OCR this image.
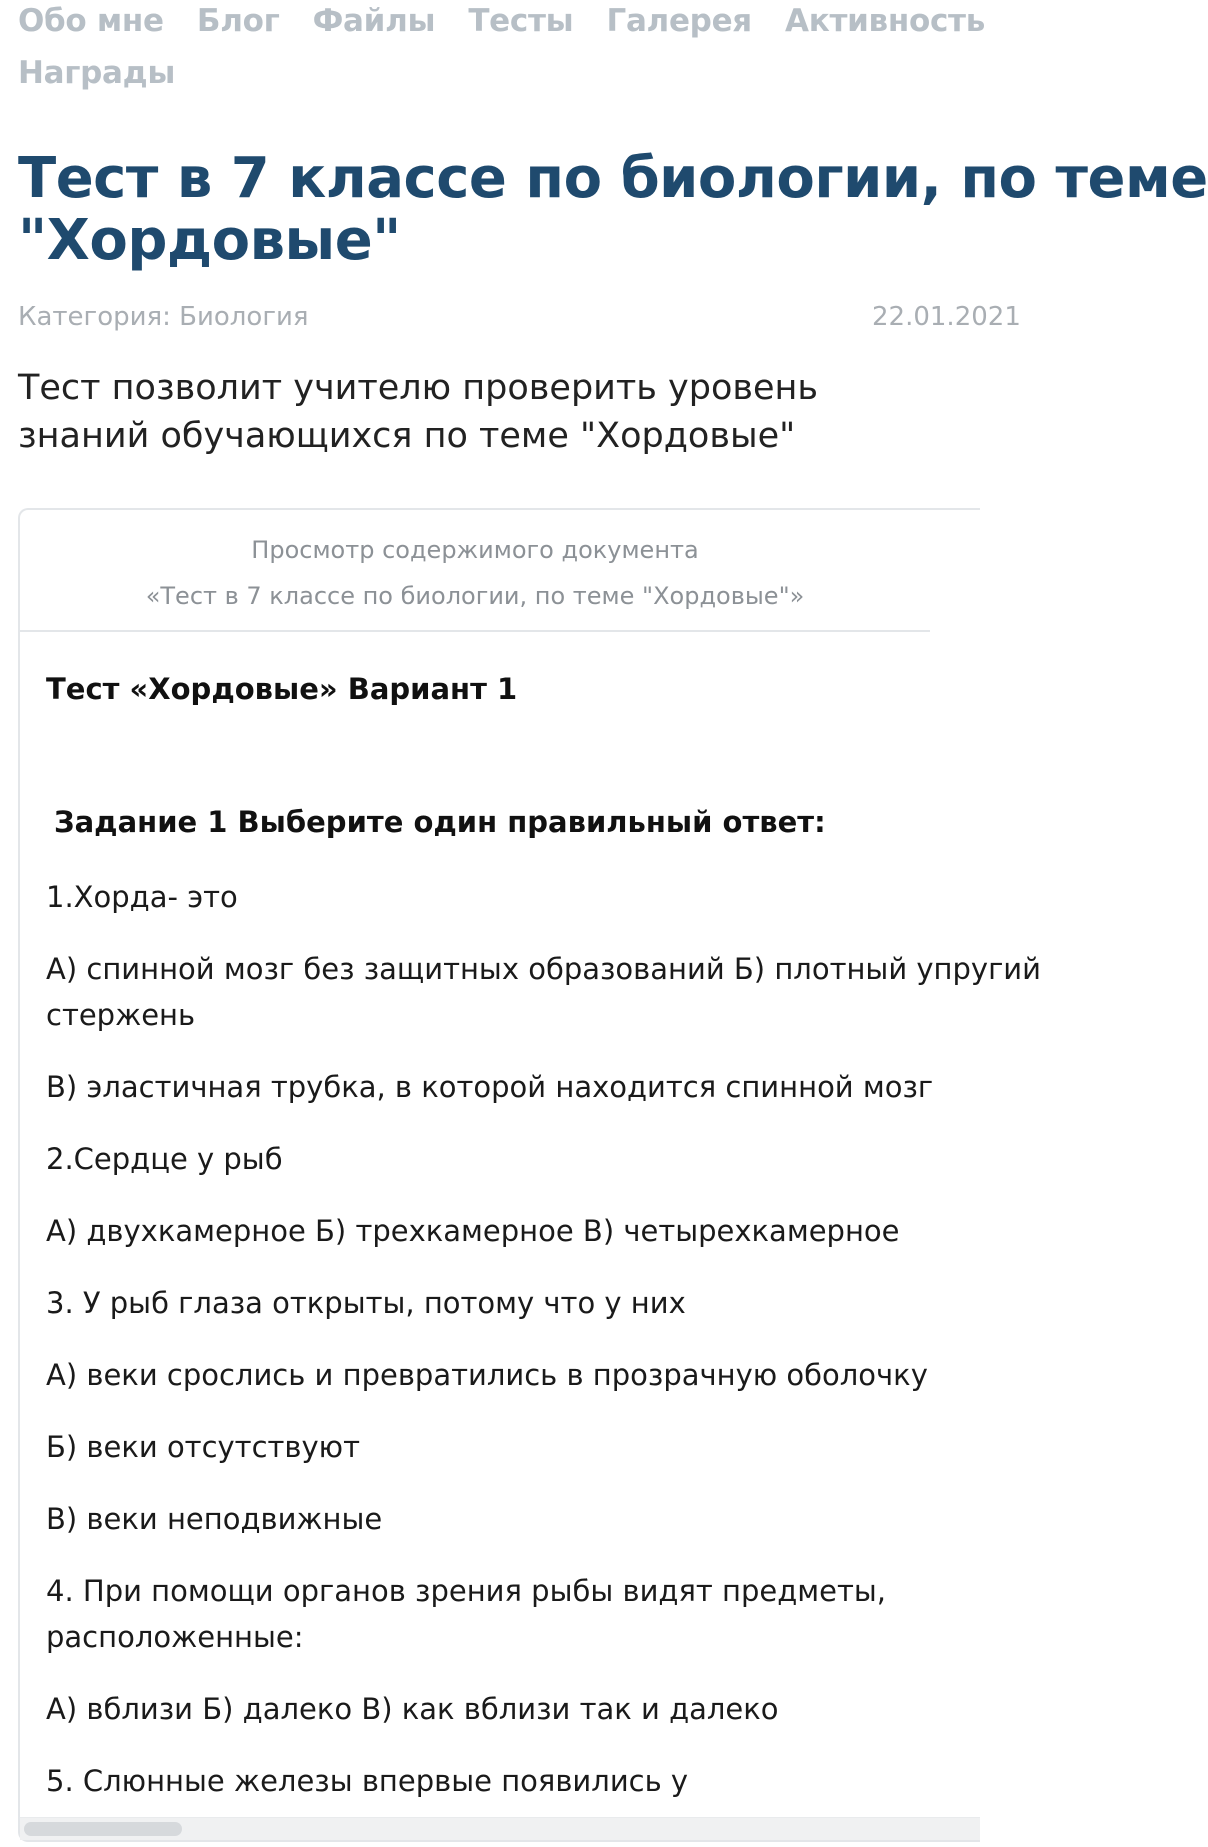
Обо мне Блог Файлы Тесты Галерея Активность
Награды
Тест в 7 классе по биологии, по теме
"Хордовые"
Категория: Биология	22.01.2021

Тест позволит учителю проверить уровень знаний обучающихся по теме "Хордовые"

Просмотр содержимого документа
«Тест в 7 классе по биологии, по теме "Хордовые"»
Тест «Хордовые» Вариант 1
Задание 1 Выберите один правильный ответ:
1.Хорда- это
А) спинной мозг без защитных образований Б) плотный упругий
стержень
В) эластичная трубка, в которой находится спинной мозг
2.Сердце у рыб
А) двухкамерное Б) трехкамерное В) четырехкамерное
3. У рыб глаза открыты, потому что у них
А) веки срослись и превратились в прозрачную оболочку
Б) веки отсутствуют
В) веки неподвижные
4. При помощи органов зрения рыбы видят предметы,
расположенные:
А) вблизи Б) далеко В) как вблизи так и далеко
5. Слюнные железы впервые появились у
